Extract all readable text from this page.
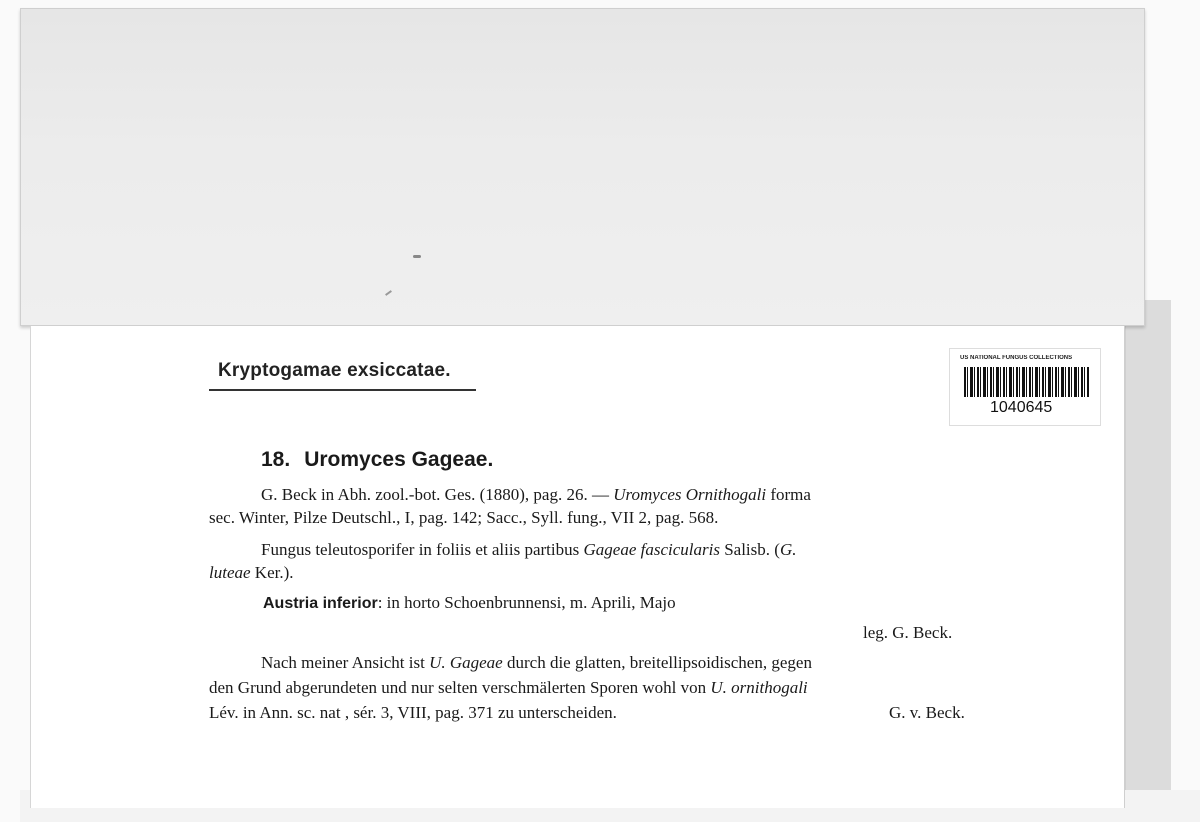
Kryptogamae exsiccatae.
US NATIONAL FUNGUS COLLECTIONS
1040645
18. Uromyces Gageae.

G. Beck in Abh. zool.-bot. Ges. (1880), pag. 26. — Uromyces Ornithogali forma

sec. Winter, Pilze Deutschl., I, pag. 142; Sacc., Syll. fung., VII 2, pag. 568.

Fungus teleutosporifer in foliis et aliis partibus Gageae fascicularis Salisb. (G.

luteae Ker.).

Austria inferior: in horto Schoenbrunnensi, m. Aprili, Majo

leg. G. Beck.

Nach meiner Ansicht ist U. Gageae durch die glatten, breitellipsoidischen, gegen

den Grund abgerundeten und nur selten verschmälerten Sporen wohl von U. ornithogali

Lév. in Ann. sc. nat , sér. 3, VIII, pag. 371 zu unterscheiden.	G. v. Beck.
